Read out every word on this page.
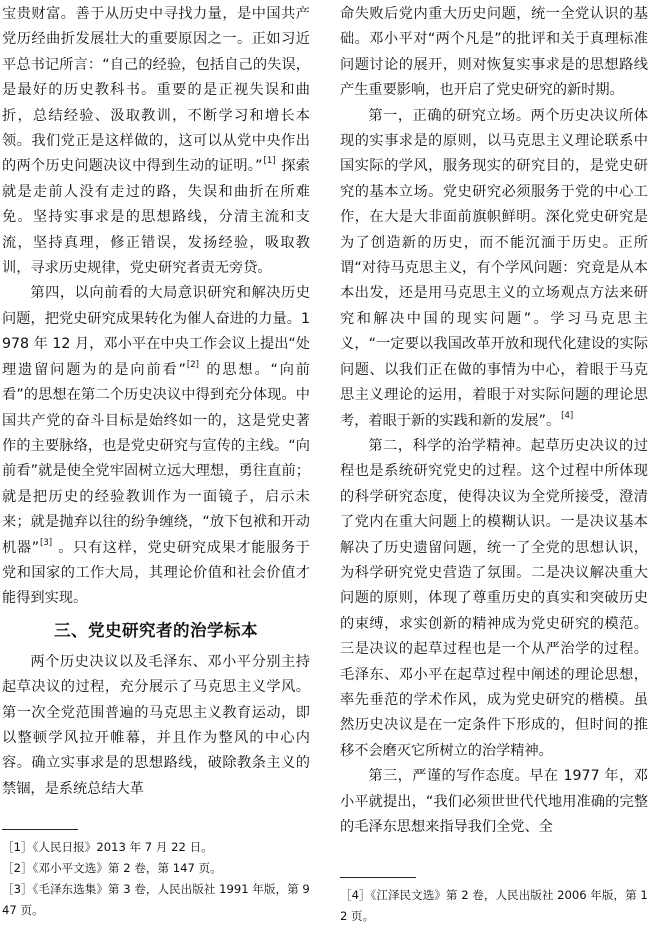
宝贵财富。善于从历史中寻找力量，是中国共产党历经曲折发展壮大的重要原因之一。正如习近平总书记所言：“自己的经验，包括自己的失误，是最好的历史教科书。重要的是正视失误和曲折，总结经验、汲取教训，不断学习和增长本领。我们党正是这样做的，这可以从党中央作出的两个历史问题决议中得到生动的证明。”[1] 探索就是走前人没有走过的路，失误和曲折在所难免。坚持实事求是的思想路线，分清主流和支流，坚持真理，修正错误，发扬经验，吸取教训，寻求历史规律，党史研究者责无旁贷。

第四，以向前看的大局意识研究和解决历史问题，把党史研究成果转化为催人奋进的力量。1978 年 12 月，邓小平在中央工作会议上提出“处理遗留问题为的是向前看”[2] 的思想。“向前看”的思想在第二个历史决议中得到充分体现。中国共产党的奋斗目标是始终如一的，这是党史著作的主要脉络，也是党史研究与宣传的主线。“向前看”就是使全党牢固树立远大理想，勇往直前；就是把历史的经验教训作为一面镜子，启示未来；就是抛弃以往的纷争缠绕，“放下包袱和开动机器”[3] 。只有这样，党史研究成果才能服务于党和国家的工作大局，其理论价值和社会价值才能得到实现。

三、党史研究者的治学标本

两个历史决议以及毛泽东、邓小平分别主持起草决议的过程，充分展示了马克思主义学风。第一次全党范围普遍的马克思主义教育运动，即以整顿学风拉开帷幕，并且作为整风的中心内容。确立实事求是的思想路线，破除教条主义的禁锢，是系统总结大革

［1］《人民日报》2013 年 7 月 22 日。

［2］《邓小平文选》第 2 卷，第 147 页。

［3］《毛泽东选集》第 3 卷，人民出版社 1991 年版，第 947 页。

命失败后党内重大历史问题，统一全党认识的基础。邓小平对“两个凡是”的批评和关于真理标准问题讨论的展开，则对恢复实事求是的思想路线产生重要影响，也开启了党史研究的新时期。

第一，正确的研究立场。两个历史决议所体现的实事求是的原则，以马克思主义理论联系中国实际的学风，服务现实的研究目的，是党史研究的基本立场。党史研究必须服务于党的中心工作，在大是大非面前旗帜鲜明。深化党史研究是为了创造新的历史，而不能沉湎于历史。正所谓“对待马克思主义，有个学风问题：究竟是从本本出发，还是用马克思主义的立场观点方法来研究和解决中国的现实问题”。学习马克思主义，“一定要以我国改革开放和现代化建设的实际问题、以我们正在做的事情为中心，着眼于马克思主义理论的运用，着眼于对实际问题的理论思考，着眼于新的实践和新的发展”。[4]

第二，科学的治学精神。起草历史决议的过程也是系统研究党史的过程。这个过程中所体现的科学研究态度，使得决议为全党所接受，澄清了党内在重大问题上的模糊认识。一是决议基本解决了历史遗留问题，统一了全党的思想认识，为科学研究党史营造了氛围。二是决议解决重大问题的原则，体现了尊重历史的真实和突破历史的束缚，求实创新的精神成为党史研究的模范。三是决议的起草过程也是一个从严治学的过程。毛泽东、邓小平在起草过程中阐述的理论思想，率先垂范的学术作风，成为党史研究的楷模。虽然历史决议是在一定条件下形成的，但时间的推移不会磨灭它所树立的治学精神。

第三，严谨的写作态度。早在 1977 年，邓小平就提出，“我们必须世世代代地用准确的完整的毛泽东思想来指导我们全党、全

［4］《江泽民文选》第 2 卷，人民出版社 2006 年版，第 12 页。
